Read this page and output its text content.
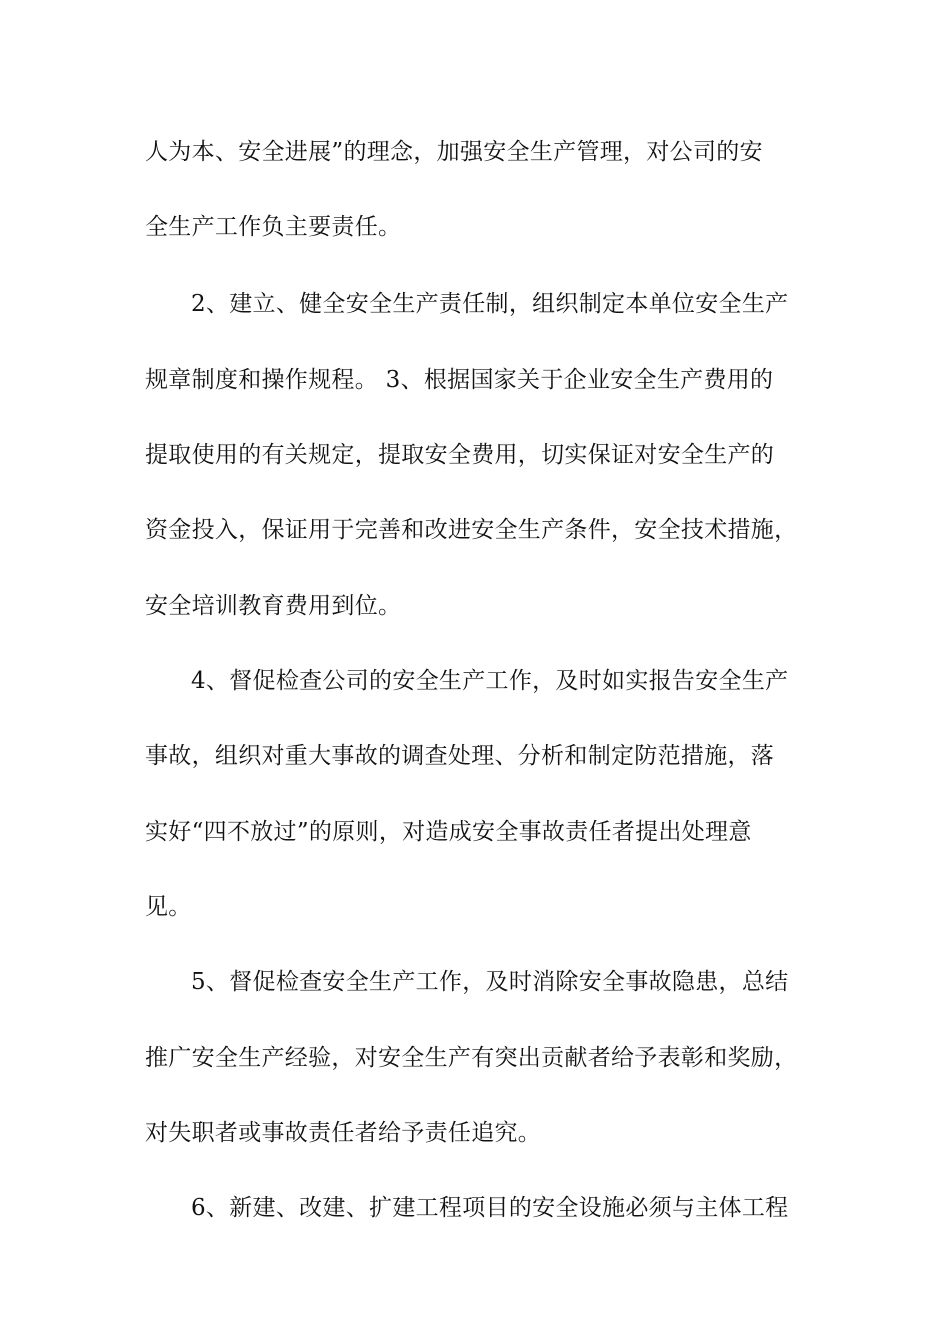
人为本、安全进展”的理念，加强安全生产管理，对公司的安
全生产工作负主要责任。
2、建立、健全安全生产责任制，组织制定本单位安全生产
规章制度和操作规程。 3、根据国家关于企业安全生产费用的
提取使用的有关规定，提取安全费用，切实保证对安全生产的
资金投入，保证用于完善和改进安全生产条件，安全技术措施，
安全培训教育费用到位。
4、督促检查公司的安全生产工作，及时如实报告安全生产
事故，组织对重大事故的调查处理、分析和制定防范措施，落
实好“四不放过”的原则，对造成安全事故责任者提出处理意
见。
5、督促检查安全生产工作，及时消除安全事故隐患，总结
推广安全生产经验，对安全生产有突出贡献者给予表彰和奖励，
对失职者或事故责任者给予责任追究。
6、新建、改建、扩建工程项目的安全设施必须与主体工程
